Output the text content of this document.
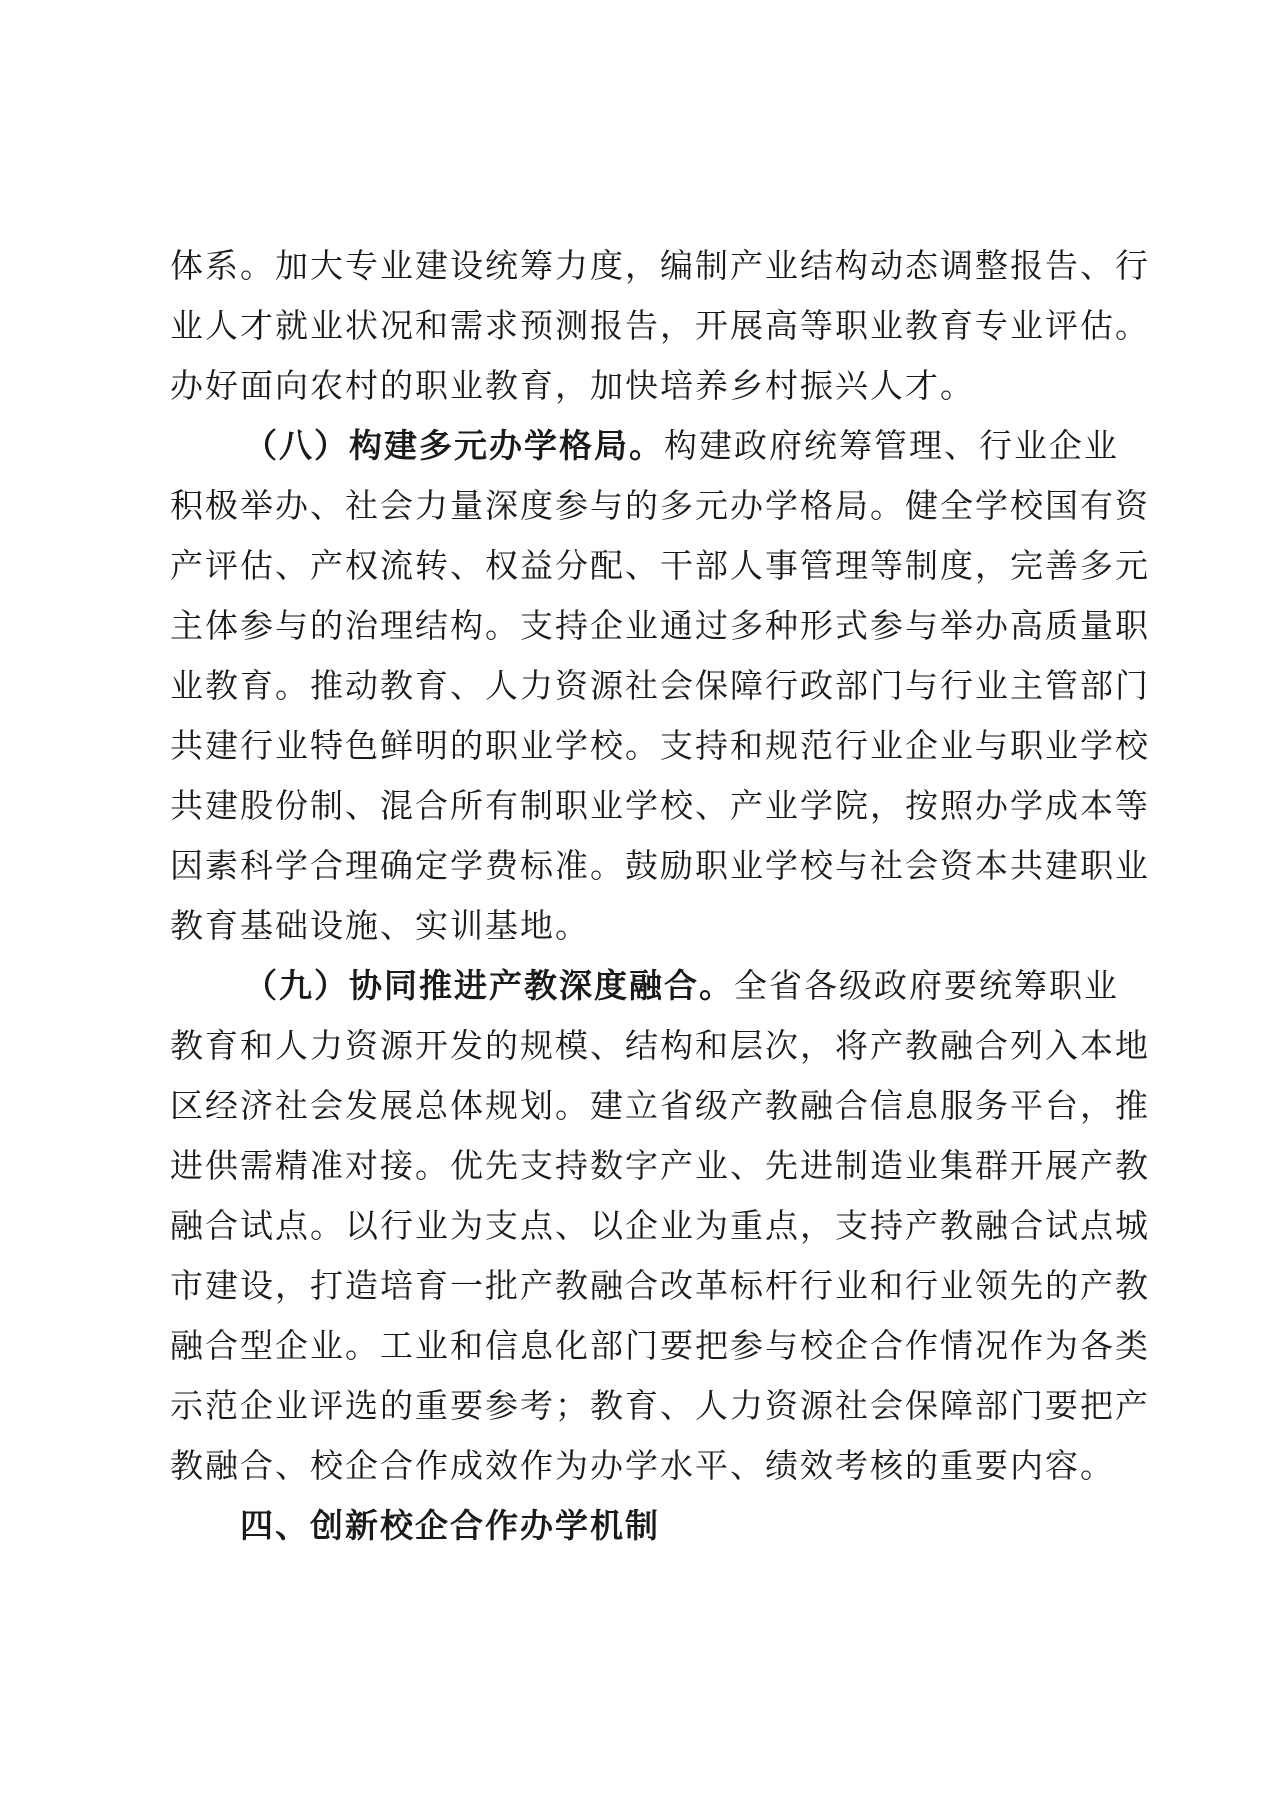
体系。加大专业建设统筹力度，编制产业结构动态调整报告、行
业人才就业状况和需求预测报告，开展高等职业教育专业评估。
办好面向农村的职业教育，加快培养乡村振兴人才。
（八）构建多元办学格局。构建政府统筹管理、行业企业
积极举办、社会力量深度参与的多元办学格局。健全学校国有资
产评估、产权流转、权益分配、干部人事管理等制度，完善多元
主体参与的治理结构。支持企业通过多种形式参与举办高质量职
业教育。推动教育、人力资源社会保障行政部门与行业主管部门
共建行业特色鲜明的职业学校。支持和规范行业企业与职业学校
共建股份制、混合所有制职业学校、产业学院，按照办学成本等
因素科学合理确定学费标准。鼓励职业学校与社会资本共建职业
教育基础设施、实训基地。
（九）协同推进产教深度融合。全省各级政府要统筹职业
教育和人力资源开发的规模、结构和层次，将产教融合列入本地
区经济社会发展总体规划。建立省级产教融合信息服务平台，推
进供需精准对接。优先支持数字产业、先进制造业集群开展产教
融合试点。以行业为支点、以企业为重点，支持产教融合试点城
市建设，打造培育一批产教融合改革标杆行业和行业领先的产教
融合型企业。工业和信息化部门要把参与校企合作情况作为各类
示范企业评选的重要参考；教育、人力资源社会保障部门要把产
教融合、校企合作成效作为办学水平、绩效考核的重要内容。
四、创新校企合作办学机制
